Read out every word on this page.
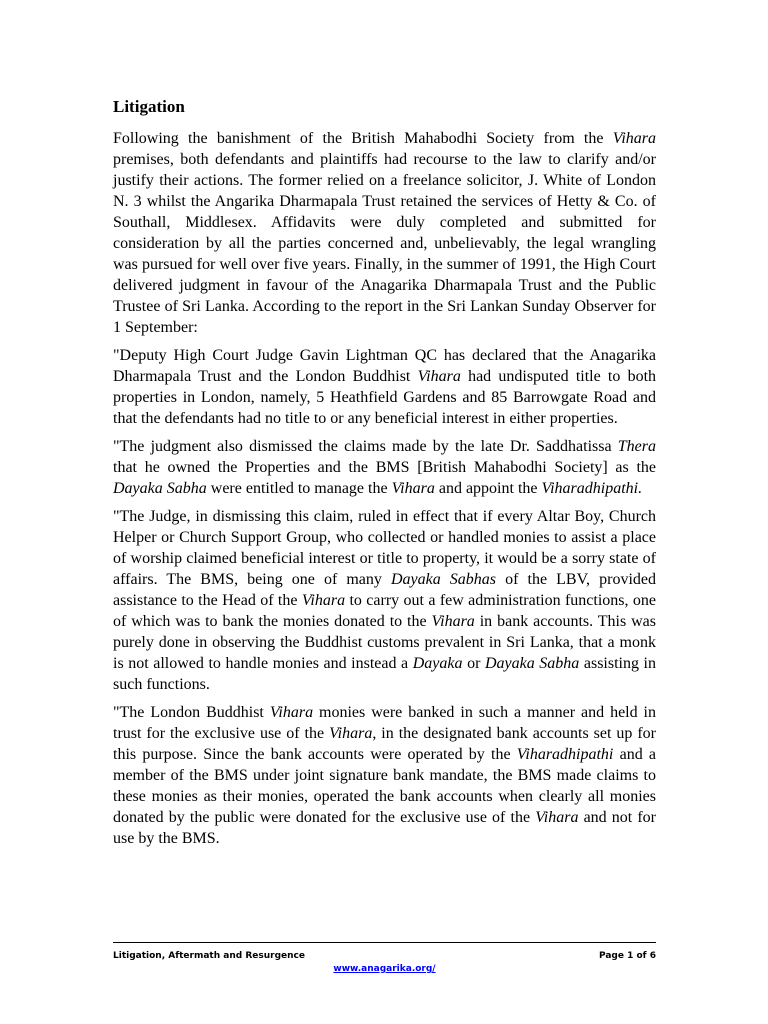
Litigation

Following the banishment of the British Mahabodhi Society from the Vihara premises, both defendants and plaintiffs had recourse to the law to clarify and/or justify their actions. The former relied on a freelance solicitor, J. White of London N. 3 whilst the Angarika Dharmapala Trust retained the services of Hetty & Co. of Southall, Middlesex. Affidavits were duly completed and submitted for consideration by all the parties concerned and, unbelievably, the legal wrangling was pursued for well over five years. Finally, in the summer of 1991, the High Court delivered judgment in favour of the Anagarika Dharmapala Trust and the Public Trustee of Sri Lanka. According to the report in the Sri Lankan Sunday Observer for 1 September:

"Deputy High Court Judge Gavin Lightman QC has declared that the Anagarika Dharmapala Trust and the London Buddhist Vihara had undisputed title to both properties in London, namely, 5 Heathfield Gardens and 85 Barrowgate Road and that the defendants had no title to or any beneficial interest in either properties.

"The judgment also dismissed the claims made by the late Dr. Saddhatissa Thera that he owned the Properties and the BMS [British Mahabodhi Society] as the Dayaka Sabha were entitled to manage the Vihara and appoint the Viharadhipathi.

"The Judge, in dismissing this claim, ruled in effect that if every Altar Boy, Church Helper or Church Support Group, who collected or handled monies to assist a place of worship claimed beneficial interest or title to property, it would be a sorry state of affairs. The BMS, being one of many Dayaka Sabhas of the LBV, provided assistance to the Head of the Vihara to carry out a few administration functions, one of which was to bank the monies donated to the Vihara in bank accounts. This was purely done in observing the Buddhist customs prevalent in Sri Lanka, that a monk is not allowed to handle monies and instead a Dayaka or Dayaka Sabha assisting in such functions.

"The London Buddhist Vihara monies were banked in such a manner and held in trust for the exclusive use of the Vihara, in the designated bank accounts set up for this purpose. Since the bank accounts were operated by the Viharadhipathi and a member of the BMS under joint signature bank mandate, the BMS made claims to these monies as their monies, operated the bank accounts when clearly all monies donated by the public were donated for the exclusive use of the Vihara and not for use by the BMS.

Litigation, Aftermath and Resurgence	Page 1 of 6
www.anagarika.org/
